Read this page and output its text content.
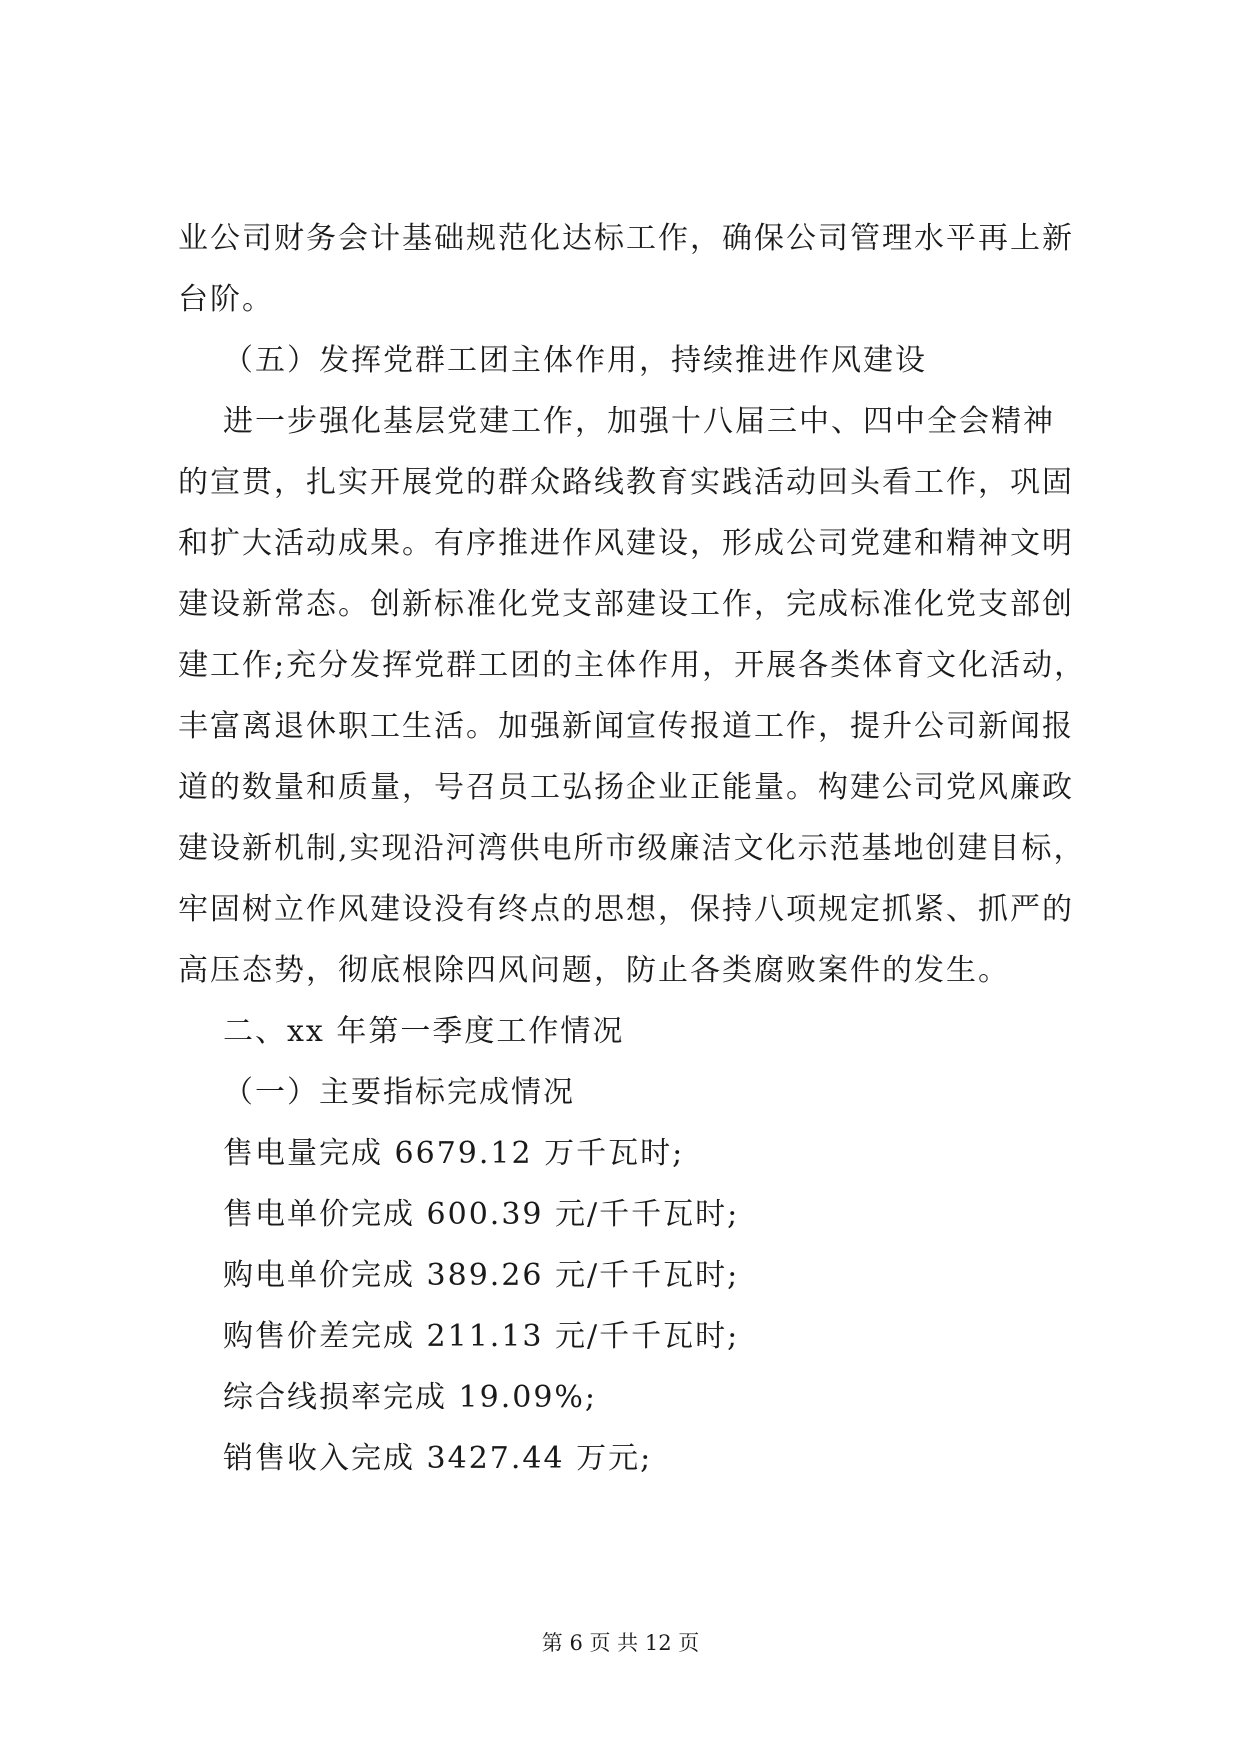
业公司财务会计基础规范化达标工作，确保公司管理水平再上新
台阶。
（五）发挥党群工团主体作用，持续推进作风建设
进一步强化基层党建工作，加强十八届三中、四中全会精神
的宣贯，扎实开展党的群众路线教育实践活动回头看工作，巩固
和扩大活动成果。有序推进作风建设，形成公司党建和精神文明
建设新常态。创新标准化党支部建设工作，完成标准化党支部创
建工作;充分发挥党群工团的主体作用，开展各类体育文化活动，
丰富离退休职工生活。加强新闻宣传报道工作，提升公司新闻报
道的数量和质量，号召员工弘扬企业正能量。构建公司党风廉政
建设新机制,实现沿河湾供电所市级廉洁文化示范基地创建目标，
牢固树立作风建设没有终点的思想，保持八项规定抓紧、抓严的
高压态势，彻底根除四风问题，防止各类腐败案件的发生。
二、xx 年第一季度工作情况
（一）主要指标完成情况
售电量完成 6679.12 万千瓦时;
售电单价完成 600.39 元/千千瓦时;
购电单价完成 389.26 元/千千瓦时;
购售价差完成 211.13 元/千千瓦时;
综合线损率完成 19.09%;
销售收入完成 3427.44 万元;
第 6 页 共 12 页
